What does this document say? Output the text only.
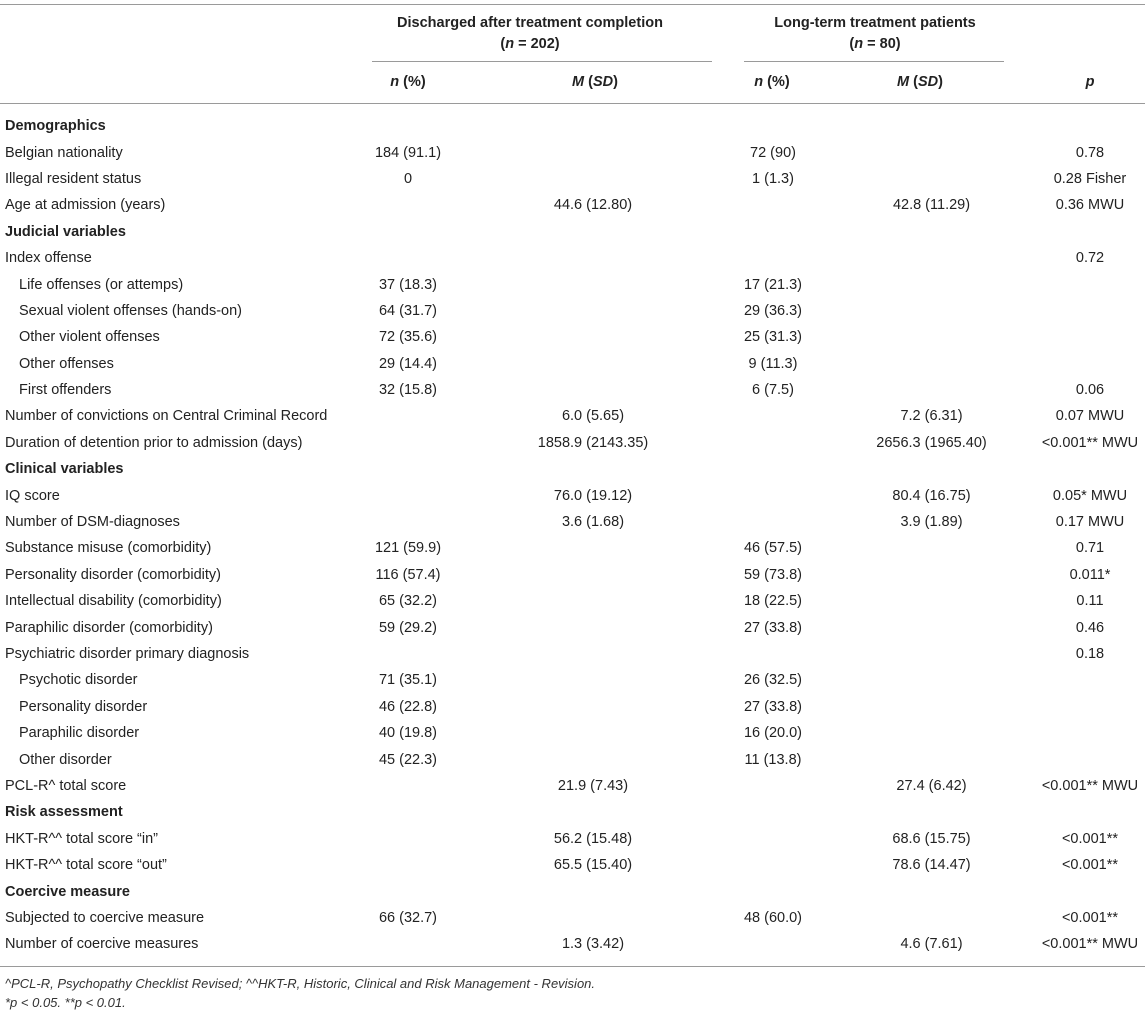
Discharged after treatment completion
(n = 202)
Long-term treatment patients
(n = 80)
n (%)	M (SD)	n (%)	M (SD)	p
Demographics					
Belgian nationality	184 (91.1)		72 (90)		0.78
Illegal resident status	0		1 (1.3)		0.28 Fisher
Age at admission (years)		44.6 (12.80)		42.8 (11.29)	0.36 MWU
Judicial variables					
Index offense					0.72
Life offenses (or attemps)	37 (18.3)		17 (21.3)		
Sexual violent offenses (hands-on)	64 (31.7)		29 (36.3)		
Other violent offenses	72 (35.6)		25 (31.3)		
Other offenses	29 (14.4)		9 (11.3)		
First offenders	32 (15.8)		6 (7.5)		0.06
Number of convictions on Central Criminal Record		6.0 (5.65)		7.2 (6.31)	0.07 MWU
Duration of detention prior to admission (days)		1858.9 (2143.35)		2656.3 (1965.40)	<0.001** MWU
Clinical variables					
IQ score		76.0 (19.12)		80.4 (16.75)	0.05* MWU
Number of DSM-diagnoses		3.6 (1.68)		3.9 (1.89)	0.17 MWU
Substance misuse (comorbidity)	121 (59.9)		46 (57.5)		0.71
Personality disorder (comorbidity)	116 (57.4)		59 (73.8)		0.011*
Intellectual disability (comorbidity)	65 (32.2)		18 (22.5)		0.11
Paraphilic disorder (comorbidity)	59 (29.2)		27 (33.8)		0.46
Psychiatric disorder primary diagnosis					0.18
Psychotic disorder	71 (35.1)		26 (32.5)		
Personality disorder	46 (22.8)		27 (33.8)		
Paraphilic disorder	40 (19.8)		16 (20.0)		
Other disorder	45 (22.3)		11 (13.8)		
PCL-R^ total score		21.9 (7.43)		27.4 (6.42)	<0.001** MWU
Risk assessment					
HKT-R^^ total score “in”		56.2 (15.48)		68.6 (15.75)	<0.001**
HKT-R^^ total score “out”		65.5 (15.40)		78.6 (14.47)	<0.001**
Coercive measure					
Subjected to coercive measure	66 (32.7)		48 (60.0)		<0.001**
Number of coercive measures		1.3 (3.42)		4.6 (7.61)	<0.001** MWU
^PCL-R, Psychopathy Checklist Revised; ^^HKT-R, Historic, Clinical and Risk Management - Revision.
*p < 0.05. **p < 0.01.
